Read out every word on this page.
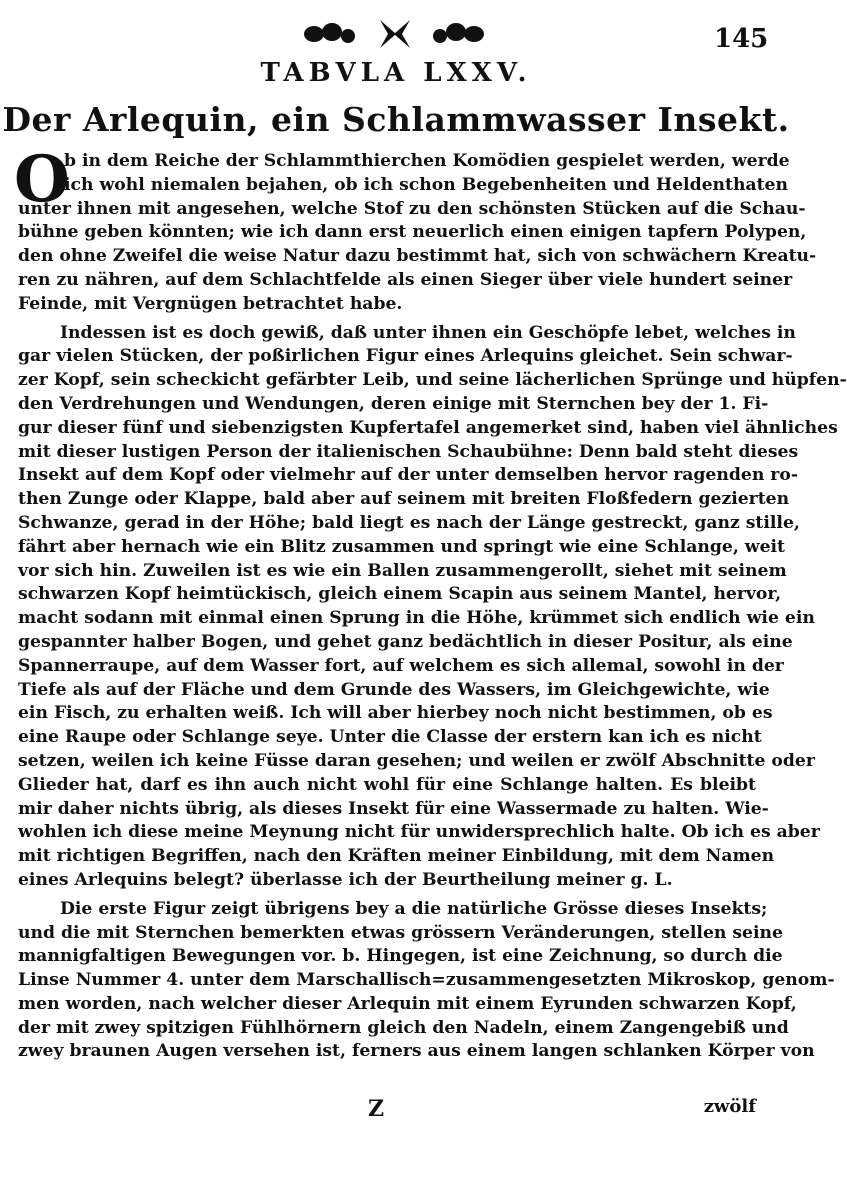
145
TABVLA LXXV.
Der Arlequin, ein Schlammwasser Insekt.
O
b in dem Reiche der Schlammthierchen Komödien gespielet werden, werde
ich wohl niemalen bejahen, ob ich schon Begebenheiten und Heldenthaten
unter ihnen mit angesehen, welche Stof zu den schönsten Stücken auf die Schau-
bühne geben könnten; wie ich dann erst neuerlich einen einigen tapfern Polypen,
den ohne Zweifel die weise Natur dazu bestimmt hat, sich von schwächern Kreatu-
ren zu nähren, auf dem Schlachtfelde als einen Sieger über viele hundert seiner
Feinde, mit Vergnügen betrachtet habe.
Indessen ist es doch gewiß, daß unter ihnen ein Geschöpfe lebet, welches in
gar vielen Stücken, der poßirlichen Figur eines Arlequins gleichet. Sein schwar-
zer Kopf, sein scheckicht gefärbter Leib, und seine lächerlichen Sprünge und hüpfen-
den Verdrehungen und Wendungen, deren einige mit Sternchen bey der 1. Fi-
gur dieser fünf und siebenzigsten Kupfertafel angemerket sind, haben viel ähnliches
mit dieser lustigen Person der italienischen Schaubühne: Denn bald steht dieses
Insekt auf dem Kopf oder vielmehr auf der unter demselben hervor ragenden ro-
then Zunge oder Klappe, bald aber auf seinem mit breiten Floßfedern gezierten
Schwanze, gerad in der Höhe; bald liegt es nach der Länge gestreckt, ganz stille,
fährt aber hernach wie ein Blitz zusammen und springt wie eine Schlange, weit
vor sich hin. Zuweilen ist es wie ein Ballen zusammengerollt, siehet mit seinem
schwarzen Kopf heimtückisch, gleich einem Scapin aus seinem Mantel, hervor,
macht sodann mit einmal einen Sprung in die Höhe, krümmet sich endlich wie ein
gespannter halber Bogen, und gehet ganz bedächtlich in dieser Positur, als eine
Spannerraupe, auf dem Wasser fort, auf welchem es sich allemal, sowohl in der
Tiefe als auf der Fläche und dem Grunde des Wassers, im Gleichgewichte, wie
ein Fisch, zu erhalten weiß. Ich will aber hierbey noch nicht bestimmen, ob es
eine Raupe oder Schlange seye. Unter die Classe der erstern kan ich es nicht
setzen, weilen ich keine Füsse daran gesehen; und weilen er zwölf Abschnitte oder
Glieder hat, darf es ihn auch nicht wohl für eine Schlange halten. Es bleibt
mir daher nichts übrig, als dieses Insekt für eine Wassermade zu halten. Wie-
wohlen ich diese meine Meynung nicht für unwidersprechlich halte. Ob ich es aber
mit richtigen Begriffen, nach den Kräften meiner Einbildung, mit dem Namen
eines Arlequins belegt? überlasse ich der Beurtheilung meiner g. L.
Die erste Figur zeigt übrigens bey a die natürliche Grösse dieses Insekts;
und die mit Sternchen bemerkten etwas grössern Veränderungen, stellen seine
mannigfaltigen Bewegungen vor. b. Hingegen, ist eine Zeichnung, so durch die
Linse Nummer 4. unter dem Marschallisch=zusammengesetzten Mikroskop, genom-
men worden, nach welcher dieser Arlequin mit einem Eyrunden schwarzen Kopf,
der mit zwey spitzigen Fühlhörnern gleich den Nadeln, einem Zangengebiß und
zwey braunen Augen versehen ist, ferners aus einem langen schlanken Körper von
Z	zwölf
